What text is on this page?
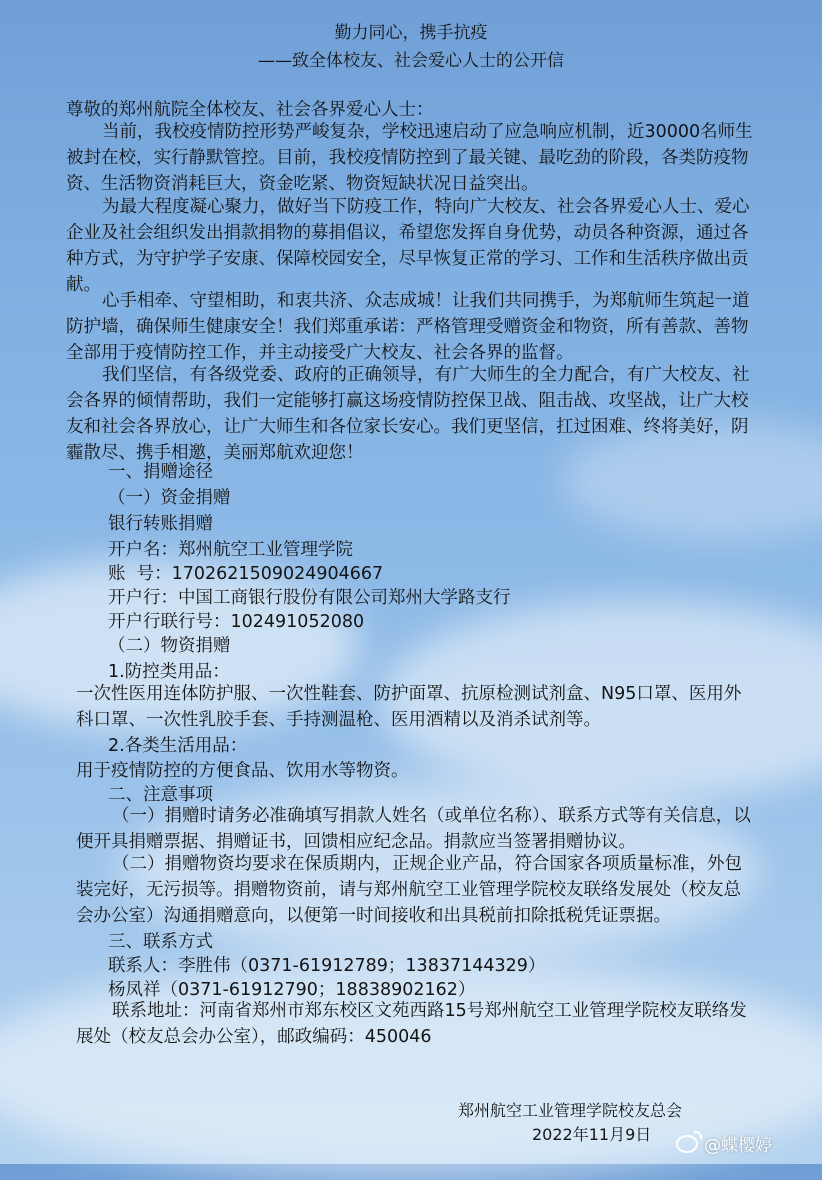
勤力同心，携手抗疫
——致全体校友、社会爱心人士的公开信
尊敬的郑州航院全体校友、社会各界爱心人士：
当前，我校疫情防控形势严峻复杂，学校迅速启动了应急响应机制，近30000名师生被封在校，实行静默管控。目前，我校疫情防控到了最关键、最吃劲的阶段，各类防疫物资、生活物资消耗巨大，资金吃紧、物资短缺状况日益突出。
为最大程度凝心聚力，做好当下防疫工作，特向广大校友、社会各界爱心人士、爱心企业及社会组织发出捐款捐物的募捐倡议，希望您发挥自身优势，动员各种资源，通过各种方式，为守护学子安康、保障校园安全，尽早恢复正常的学习、工作和生活秩序做出贡献。
心手相牵、守望相助，和衷共济、众志成城！让我们共同携手，为郑航师生筑起一道防护墙，确保师生健康安全！我们郑重承诺：严格管理受赠资金和物资，所有善款、善物全部用于疫情防控工作，并主动接受广大校友、社会各界的监督。
我们坚信，有各级党委、政府的正确领导，有广大师生的全力配合，有广大校友、社会各界的倾情帮助，我们一定能够打赢这场疫情防控保卫战、阻击战、攻坚战，让广大校友和社会各界放心，让广大师生和各位家长安心。我们更坚信，扛过困难、终将美好，阴霾散尽、携手相邀，美丽郑航欢迎您！
一、捐赠途径
（一）资金捐赠
银行转账捐赠
开户名：郑州航空工业管理学院
账  号：1702621509024904667
开户行：中国工商银行股份有限公司郑州大学路支行
开户行联行号：102491052080
（二）物资捐赠
1.防控类用品：
一次性医用连体防护服、一次性鞋套、防护面罩、抗原检测试剂盒、N95口罩、医用外科口罩、一次性乳胶手套、手持测温枪、医用酒精以及消杀试剂等。
2.各类生活用品：
用于疫情防控的方便食品、饮用水等物资。
二、注意事项
（一）捐赠时请务必准确填写捐款人姓名（或单位名称）、联系方式等有关信息，以便开具捐赠票据、捐赠证书，回馈相应纪念品。捐款应当签署捐赠协议。
（二）捐赠物资均要求在保质期内，正规企业产品，符合国家各项质量标准，外包装完好，无污损等。捐赠物资前，请与郑州航空工业管理学院校友联络发展处（校友总会办公室）沟通捐赠意向，以便第一时间接收和出具税前扣除抵税凭证票据。
三、联系方式
联系人：李胜伟（0371-61912789；13837144329）
杨凤祥（0371-61912790；18838902162）
联系地址：河南省郑州市郑东校区文苑西路15号郑州航空工业管理学院校友联络发展处（校友总会办公室），邮政编码：450046
郑州航空工业管理学院校友总会
2022年11月9日
@蝶樱婷
